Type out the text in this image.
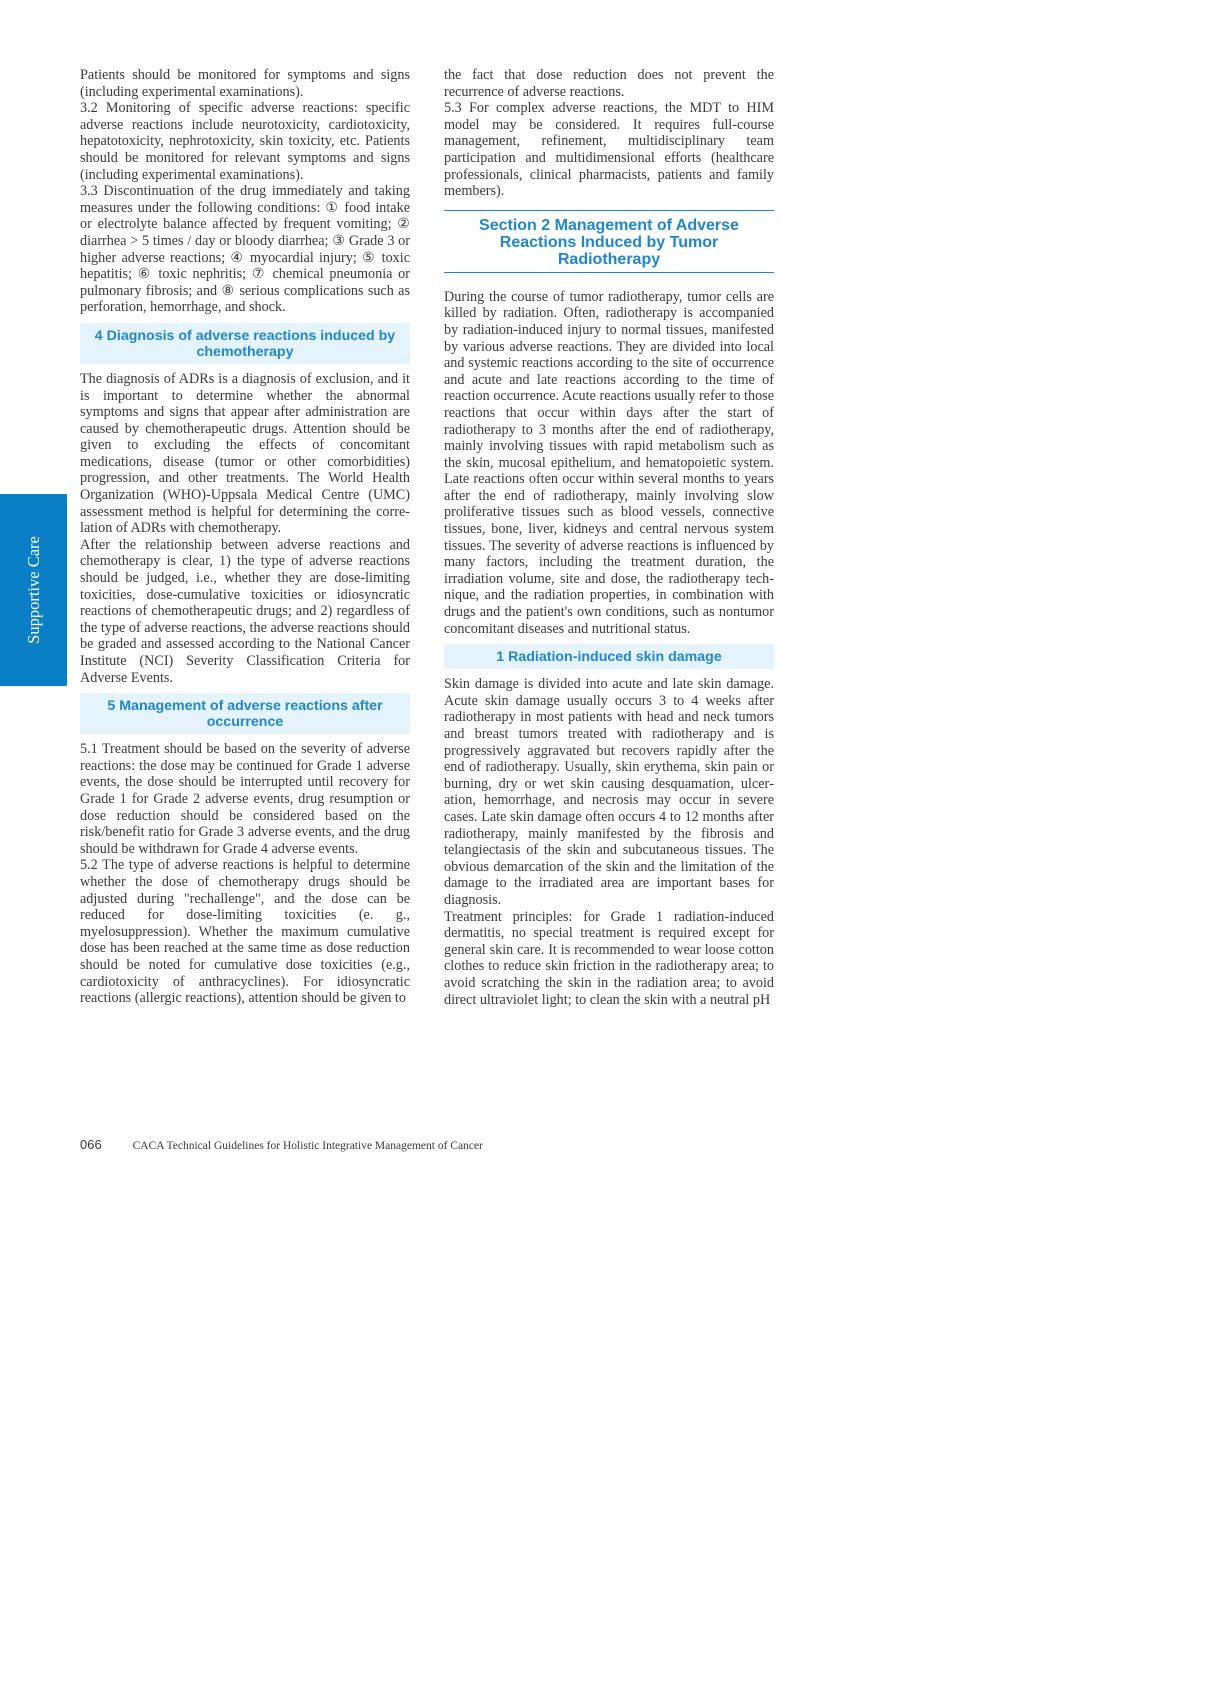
Supportive Care

Patients should be monitored for symptoms and signs (including experimental examinations).

3.2 Monitoring of specific adverse reactions: specific adverse reactions include neurotoxicity, cardiotoxicity, hepatotoxicity, nephrotoxicity, skin toxicity, etc. Patients should be monitored for relevant symptoms and signs (including experimental examinations).

3.3 Discontinuation of the drug immediately and taking measures under the following conditions: ① food intake or electrolyte balance affected by frequent vomiting; ② diarrhea > 5 times / day or bloody diarrhea; ③ Grade 3 or higher adverse reactions; ④ myocardial injury; ⑤ toxic hepatitis; ⑥ toxic nephritis; ⑦ chemical pneumonia or pulmonary fibrosis; and ⑧ serious complications such as perforation, hemorrhage, and shock.

4 Diagnosis of adverse reactions induced by chemotherapy

The diagnosis of ADRs is a diagnosis of exclusion, and it is important to determine whether the abnormal symptoms and signs that appear after administration are caused by chemotherapeutic drugs. Attention should be given to excluding the effects of concomitant medications, disease (tumor or other comorbidities) progression, and other treatments. The World Health Organization (WHO)-Uppsala Medical Centre (UMC) assessment method is helpful for determining the correlation of ADRs with chemotherapy.

After the relationship between adverse reactions and chemotherapy is clear, 1) the type of adverse reactions should be judged, i.e., whether they are dose-limiting toxicities, dose-cumulative toxicities or idiosyncratic reactions of chemotherapeutic drugs; and 2) regardless of the type of adverse reactions, the adverse reactions should be graded and assessed according to the National Cancer Institute (NCI) Severity Classification Criteria for Adverse Events.

5 Management of adverse reactions after occurrence

5.1 Treatment should be based on the severity of adverse reactions: the dose may be continued for Grade 1 adverse events, the dose should be interrupted until recovery for Grade 1 for Grade 2 adverse events, drug resumption or dose reduction should be considered based on the risk/benefit ratio for Grade 3 adverse events, and the drug should be withdrawn for Grade 4 adverse events.

5.2 The type of adverse reactions is helpful to determine whether the dose of chemotherapy drugs should be adjusted during "rechallenge", and the dose can be reduced for dose-limiting toxicities (e. g., myelosuppression). Whether the maximum cumulative dose has been reached at the same time as dose reduction should be noted for cumulative dose toxicities (e.g., cardiotoxicity of anthracyclines). For idiosyncratic reactions (allergic reactions), attention should be given to

the fact that dose reduction does not prevent the recurrence of adverse reactions.

5.3 For complex adverse reactions, the MDT to HIM model may be considered. It requires full-course management, refinement, multidisciplinary team participation and multidimensional efforts (healthcare professionals, clinical pharmacists, patients and family members).

Section 2 Management of Adverse Reactions Induced by Tumor Radiotherapy

During the course of tumor radiotherapy, tumor cells are killed by radiation. Often, radiotherapy is accompanied by radiation-induced injury to normal tissues, manifested by various adverse reactions. They are divided into local and systemic reactions according to the site of occurrence and acute and late reactions according to the time of reaction occurrence. Acute reactions usually refer to those reactions that occur within days after the start of radiotherapy to 3 months after the end of radiotherapy, mainly involving tissues with rapid metabolism such as the skin, mucosal epithelium, and hematopoietic system. Late reactions often occur within several months to years after the end of radiotherapy, mainly involving slow proliferative tissues such as blood vessels, connective tissues, bone, liver, kidneys and central nervous system tissues. The severity of adverse reactions is influenced by many factors, including the treatment duration, the irradiation volume, site and dose, the radiotherapy technique, and the radiation properties, in combination with drugs and the patient's own conditions, such as nontumor concomitant diseases and nutritional status.

1 Radiation-induced skin damage

Skin damage is divided into acute and late skin damage. Acute skin damage usually occurs 3 to 4 weeks after radiotherapy in most patients with head and neck tumors and breast tumors treated with radiotherapy and is progressively aggravated but recovers rapidly after the end of radiotherapy. Usually, skin erythema, skin pain or burning, dry or wet skin causing desquamation, ulceration, hemorrhage, and necrosis may occur in severe cases. Late skin damage often occurs 4 to 12 months after radiotherapy, mainly manifested by the fibrosis and telangiectasis of the skin and subcutaneous tissues. The obvious demarcation of the skin and the limitation of the damage to the irradiated area are important bases for diagnosis.

Treatment principles: for Grade 1 radiation-induced dermatitis, no special treatment is required except for general skin care. It is recommended to wear loose cotton clothes to reduce skin friction in the radiotherapy area; to avoid scratching the skin in the radiation area; to avoid direct ultraviolet light; to clean the skin with a neutral pH

066	CACA Technical Guidelines for Holistic Integrative Management of Cancer
